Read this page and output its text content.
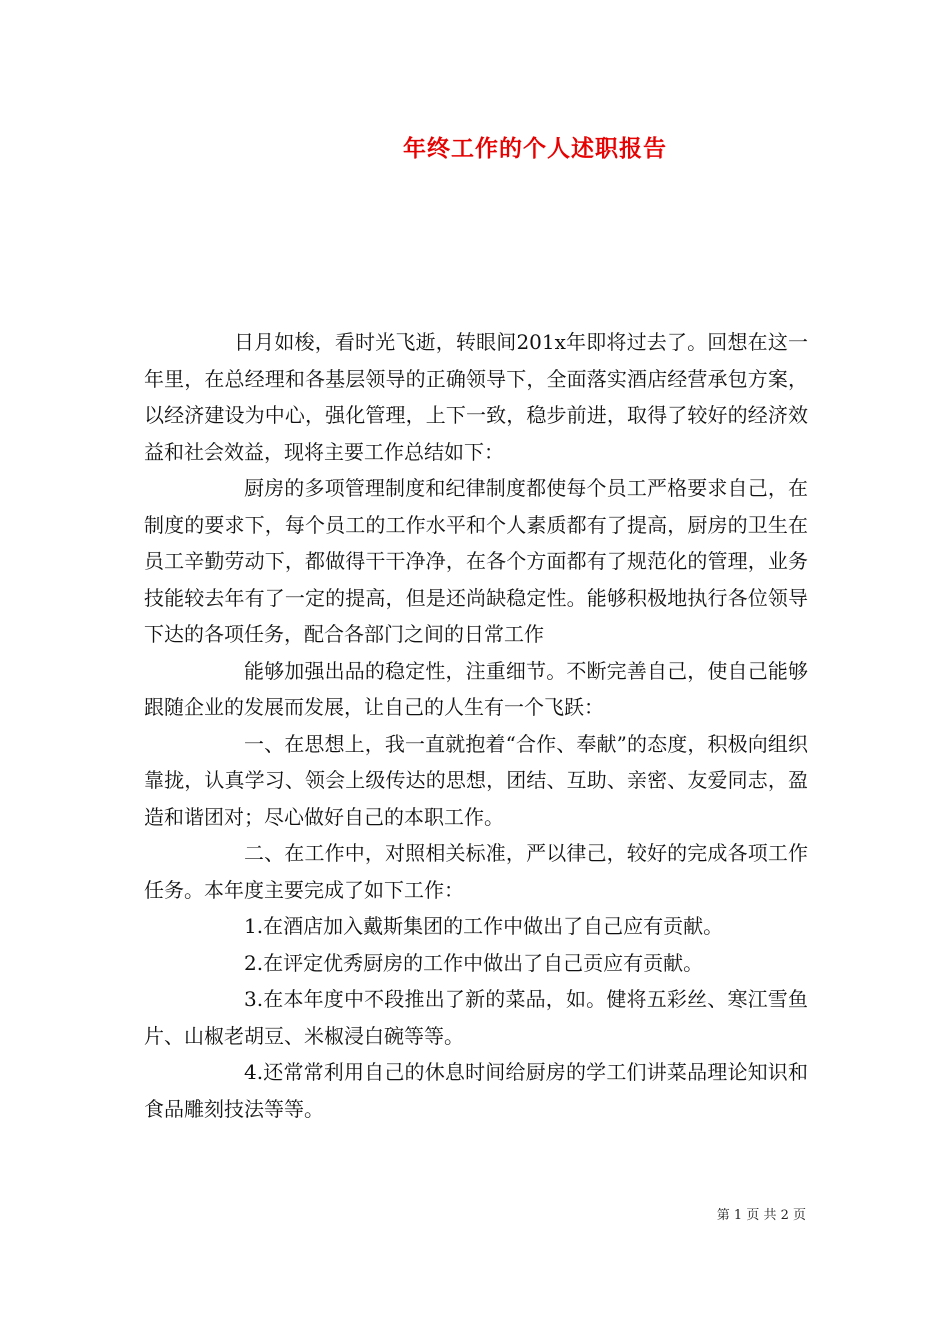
年终工作的个人述职报告

日月如梭，看时光飞逝，转眼间201x年即将过去了。回想在这一年里，在总经理和各基层领导的正确领导下，全面落实酒店经营承包方案，以经济建设为中心，强化管理，上下一致，稳步前进，取得了较好的经济效益和社会效益，现将主要工作总结如下：

厨房的多项管理制度和纪律制度都使每个员工严格要求自己，在制度的要求下，每个员工的工作水平和个人素质都有了提高，厨房的卫生在员工辛勤劳动下，都做得干干净净，在各个方面都有了规范化的管理，业务技能较去年有了一定的提高，但是还尚缺稳定性。能够积极地执行各位领导下达的各项任务，配合各部门之间的日常工作

能够加强出品的稳定性，注重细节。不断完善自己，使自己能够跟随企业的发展而发展，让自己的人生有一个飞跃：

一、在思想上，我一直就抱着“合作、奉献”的态度，积极向组织靠拢，认真学习、领会上级传达的思想，团结、互助、亲密、友爱同志，盈造和谐团对；尽心做好自己的本职工作。

二、在工作中，对照相关标准，严以律己，较好的完成各项工作任务。本年度主要完成了如下工作：

1.在酒店加入戴斯集团的工作中做出了自己应有贡献。

2.在评定优秀厨房的工作中做出了自己贡应有贡献。

3.在本年度中不段推出了新的菜品，如。健将五彩丝、寒江雪鱼片、山椒老胡豆、米椒浸白碗等等。

4.还常常利用自己的休息时间给厨房的学工们讲菜品理论知识和食品雕刻技法等等。

第 1 页 共 2 页
